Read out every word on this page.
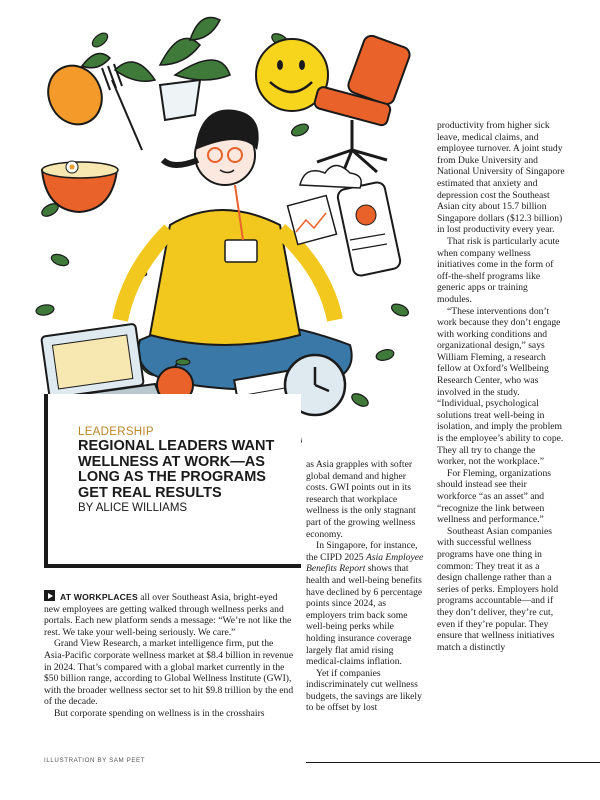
LEADERSHIP
REGIONAL LEADERS WANT WELLNESS AT WORK—AS LONG AS THE PROGRAMS GET REAL RESULTS
BY ALICE WILLIAMS

AT WORKPLACES all over Southeast Asia, bright-eyed new employees are getting walked through wellness perks and portals. Each new platform sends a message: “We’re not like the rest. We take your well-being seriously. We care.”

Grand View Research, a market intelligence firm, put the Asia-Pacific corporate wellness market at $8.4 billion in revenue in 2024. That’s compared with a global market currently in the $50 billion range, according to Global Wellness Institute (GWI), with the broader wellness sector set to hit $9.8 trillion by the end of the decade.

But corporate spending on wellness is in the crosshairs

as Asia grapples with softer global demand and higher costs. GWI points out in its research that workplace wellness is the only stagnant part of the growing wellness economy.

In Singapore, for instance, the CIPD 2025 Asia Employee Benefits Report shows that health and well-being benefits have declined by 6 percentage points since 2024, as employers trim back some well-being perks while holding insurance coverage largely flat amid rising medical-claims inflation.

Yet if companies indiscriminately cut wellness budgets, the savings are likely to be offset by lost

productivity from higher sick leave, medical claims, and employee turnover. A joint study from Duke University and National University of Singapore estimated that anxiety and depression cost the Southeast Asian city about 15.7 billion Singapore dollars ($12.3 billion) in lost productivity every year.

That risk is particularly acute when company wellness initiatives come in the form of off-the-shelf programs like generic apps or training modules.

“These interventions don’t work because they don’t engage with working conditions and organizational design,” says William Fleming, a research fellow at Oxford’s Wellbeing Research Center, who was involved in the study. “Individual, psychological solutions treat well-being in isolation, and imply the problem is the employee’s ability to cope. They all try to change the worker, not the workplace.”

For Fleming, organizations should instead see their workforce “as an asset” and “recognize the link between wellness and performance.”

Southeast Asian companies with successful wellness programs have one thing in common: They treat it as a design challenge rather than a series of perks. Employers hold programs accountable—and if they don’t deliver, they’re cut, even if they’re popular. They ensure that wellness initiatives match a distinctly

ILLUSTRATION BY SAM PEET
